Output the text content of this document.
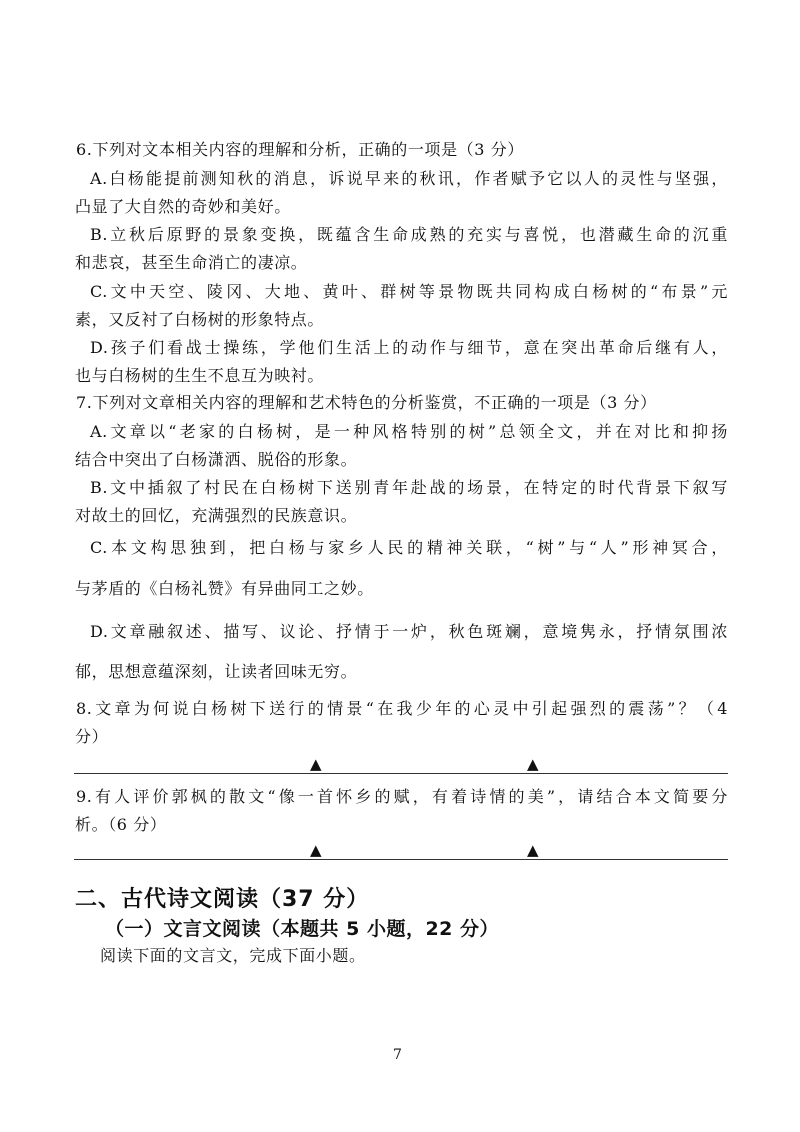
6.下列对文本相关内容的理解和分析，正确的一项是（3 分）
A.白杨能提前测知秋的消息，诉说早来的秋讯，作者赋予它以人的灵性与坚强，
凸显了大自然的奇妙和美好。
B.立秋后原野的景象变换，既蕴含生命成熟的充实与喜悦，也潜藏生命的沉重
和悲哀，甚至生命消亡的凄凉。
C.文中天空、陵冈、大地、黄叶、群树等景物既共同构成白杨树的“布景”元
素，又反衬了白杨树的形象特点。
D.孩子们看战士操练，学他们生活上的动作与细节，意在突出革命后继有人，
也与白杨树的生生不息互为映衬。
7.下列对文章相关内容的理解和艺术特色的分析鉴赏，不正确的一项是（3 分）
A.文章以“老家的白杨树，是一种风格特别的树”总领全文，并在对比和抑扬
结合中突出了白杨潇洒、脱俗的形象。
B.文中插叙了村民在白杨树下送别青年赴战的场景，在特定的时代背景下叙写
对故土的回忆，充满强烈的民族意识。
C.本文构思独到，把白杨与家乡人民的精神关联，“树”与“人”形神冥合，
与茅盾的《白杨礼赞》有异曲同工之妙。
D.文章融叙述、描写、议论、抒情于一炉，秋色斑斓，意境隽永，抒情氛围浓
郁，思想意蕴深刻，让读者回味无穷。
8.文章为何说白杨树下送行的情景“在我少年的心灵中引起强烈的震荡”？（4
分）
▲	▲
9.有人评价郭枫的散文“像一首怀乡的赋，有着诗情的美”，请结合本文简要分
析。（6 分）
▲	▲
二、古代诗文阅读（37 分）
（一）文言文阅读（本题共 5 小题，22 分）
阅读下面的文言文，完成下面小题。
7
